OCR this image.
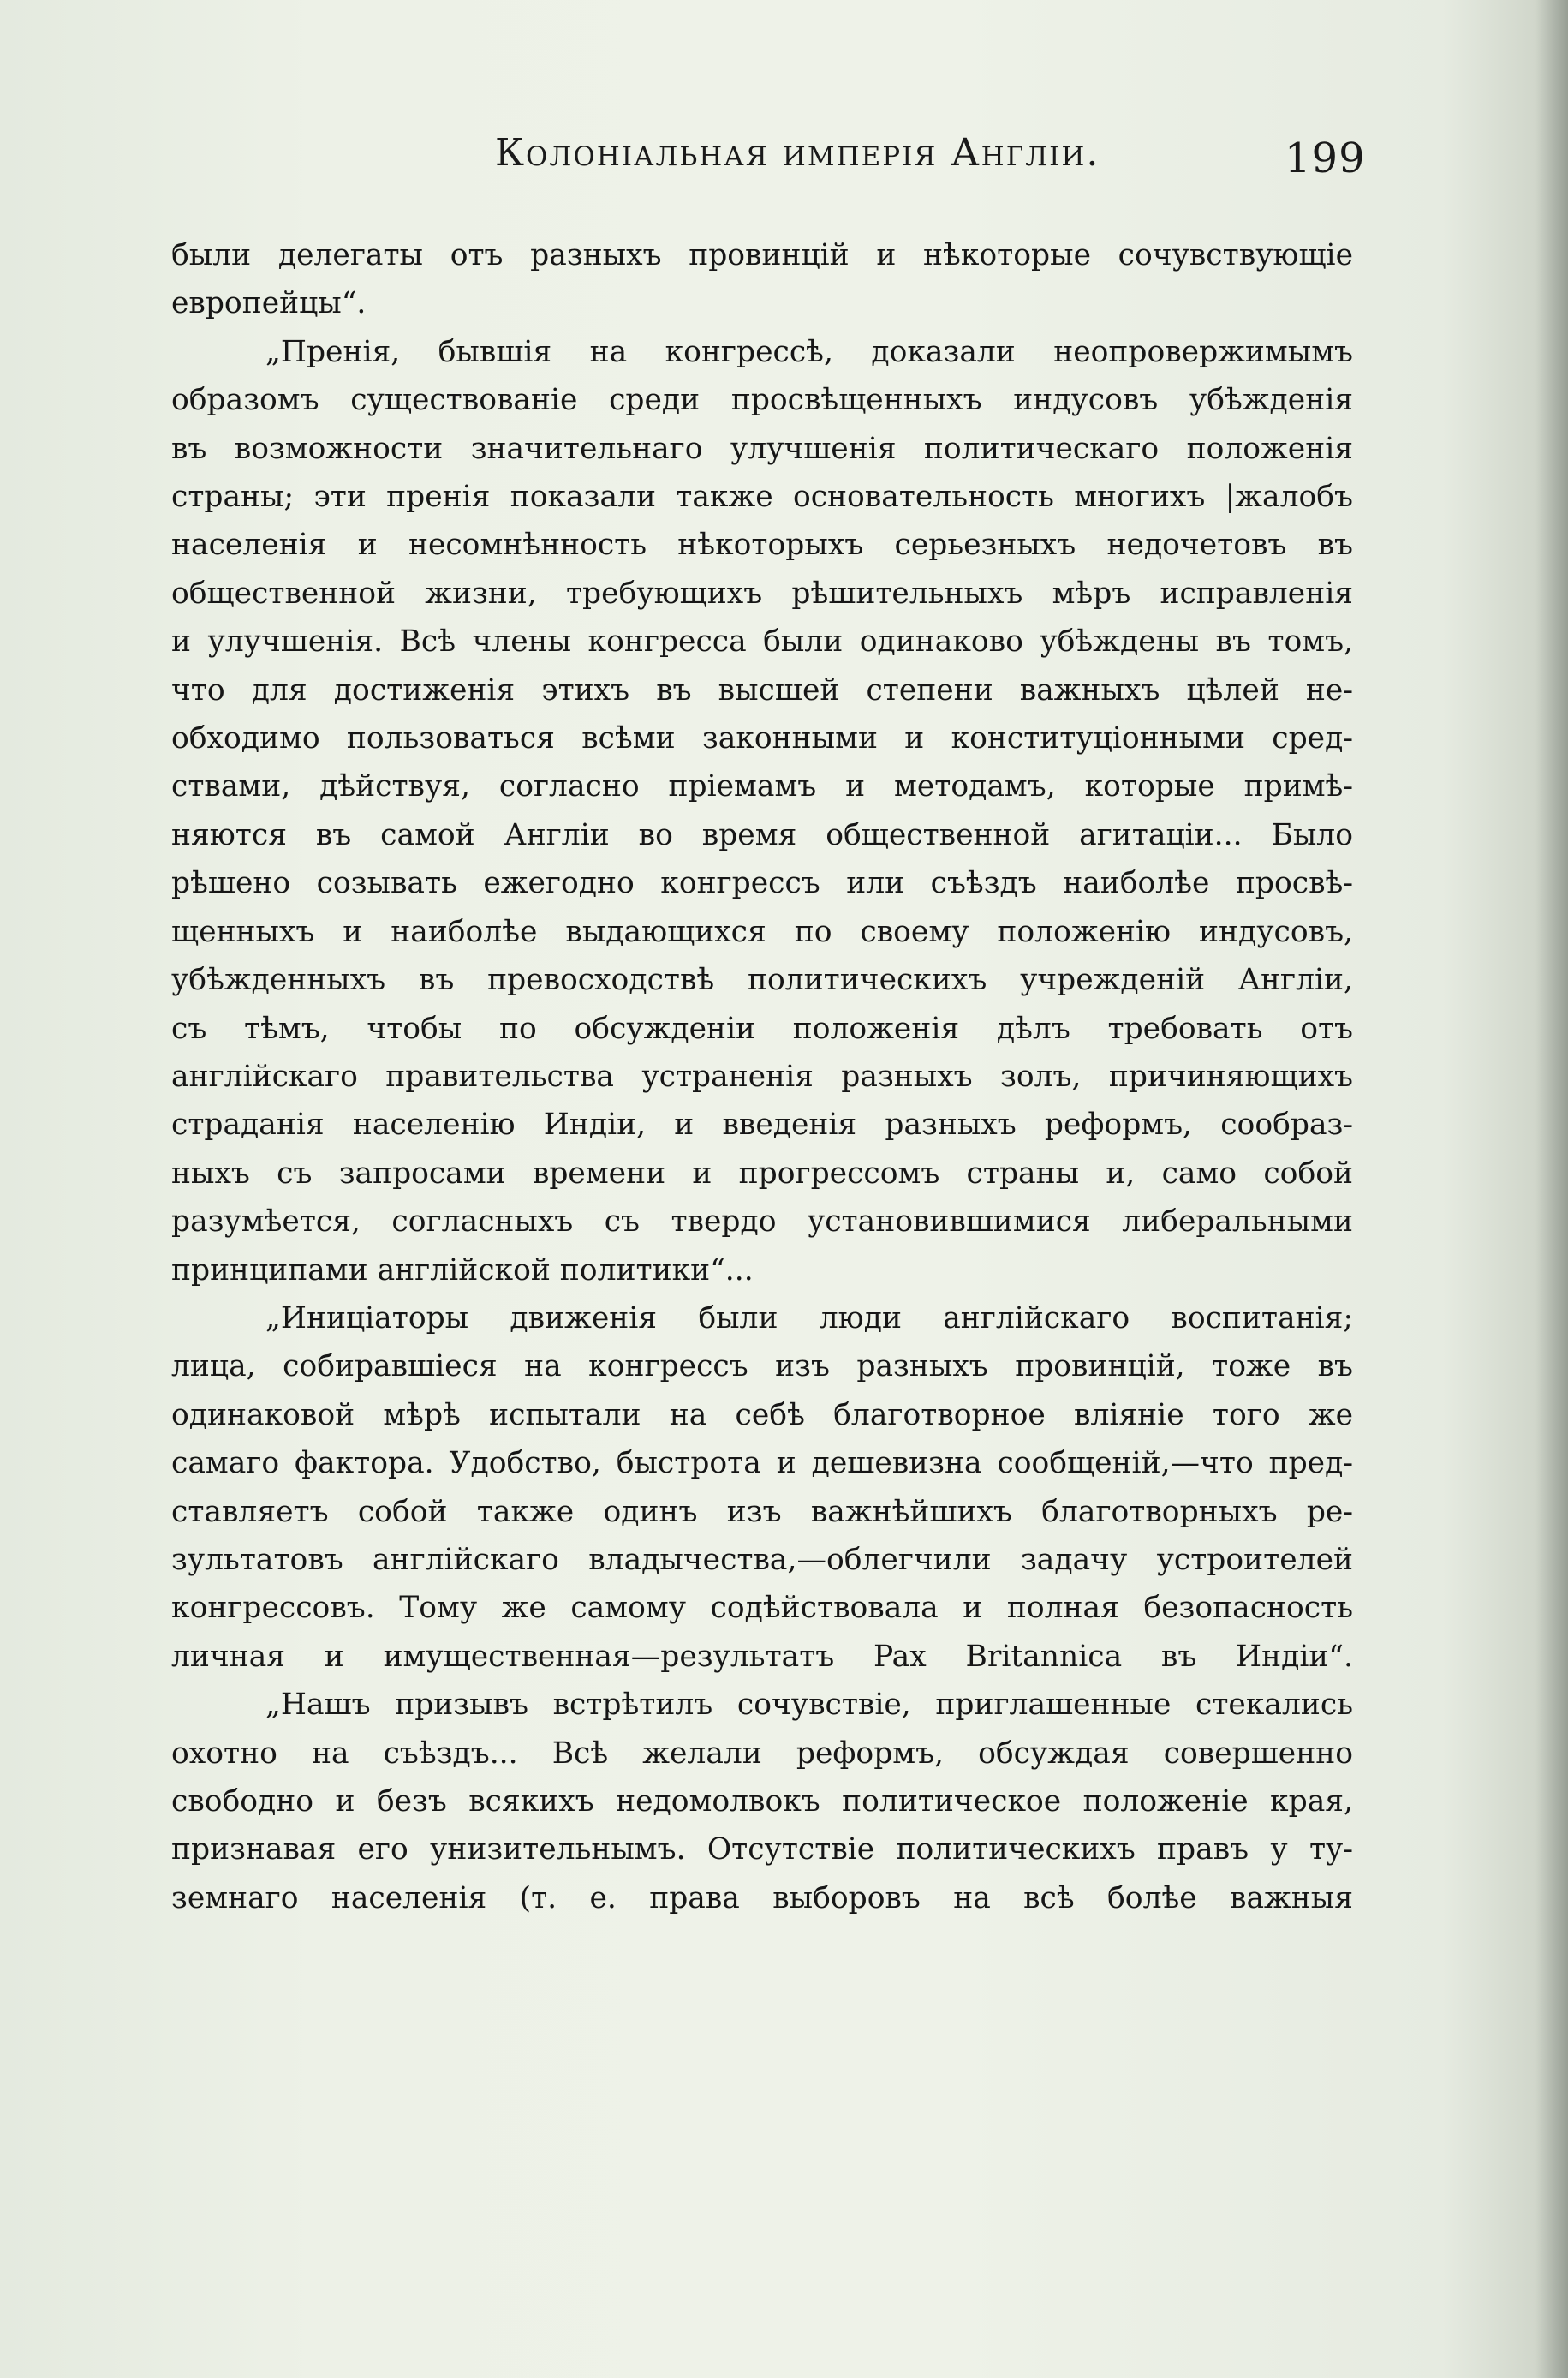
Колоніальная имперія Англіи.	199
были делегаты отъ разныхъ провинцій и нѣкоторые сочувствующіе
европейцы“.
„Пренія, бывшія на конгрессѣ, доказали неопровержимымъ
образомъ существованіе среди просвѣщенныхъ индусовъ убѣжденія
въ возможности значительнаго улучшенія политическаго положенія
страны; эти пренія показали также основательность многихъ |жалобъ
населенія и несомнѣнность нѣкоторыхъ серьезныхъ недочетовъ въ
общественной жизни, требующихъ рѣшительныхъ мѣръ исправленія
и улучшенія. Всѣ члены конгресса были одинаково убѣждены въ томъ,
что для достиженія этихъ въ высшей степени важныхъ цѣлей не-
обходимо пользоваться всѣми законными и конституціонными сред-
ствами, дѣйствуя, согласно пріемамъ и методамъ, которые примѣ-
няются въ самой Англіи во время общественной агитаціи... Было
рѣшено созывать ежегодно конгрессъ или съѣздъ наиболѣе просвѣ-
щенныхъ и наиболѣе выдающихся по своему положенію индусовъ,
убѣжденныхъ въ превосходствѣ политическихъ учрежденій Англіи,
съ тѣмъ, чтобы по обсужденіи положенія дѣлъ требовать отъ
англійскаго правительства устраненія разныхъ золъ, причиняющихъ
страданія населенію Индіи, и введенія разныхъ реформъ, сообраз-
ныхъ съ запросами времени и прогрессомъ страны и, само собой
разумѣется, согласныхъ съ твердо установившимися либеральными
принципами англійской политики“...
„Иниціаторы движенія были люди англійскаго воспитанія;
лица, собиравшіеся на конгрессъ изъ разныхъ провинцій, тоже въ
одинаковой мѣрѣ испытали на себѣ благотворное вліяніе того же
самаго фактора. Удобство, быстрота и дешевизна сообщеній,—что пред-
ставляетъ собой также одинъ изъ важнѣйшихъ благотворныхъ ре-
зультатовъ англійскаго владычества,—облегчили задачу устроителей
конгрессовъ. Тому же самому содѣйствовала и полная безопасность
личная и имущественная—результатъ Pax Britannica въ Индіи“.
„Нашъ призывъ встрѣтилъ сочувствіе, приглашенные стекались
охотно на съѣздъ... Всѣ желали реформъ, обсуждая совершенно
свободно и безъ всякихъ недомолвокъ политическое положеніе края,
признавая его унизительнымъ. Отсутствіе политическихъ правъ у ту-
земнаго населенія (т. е. права выборовъ на всѣ болѣе важныя
